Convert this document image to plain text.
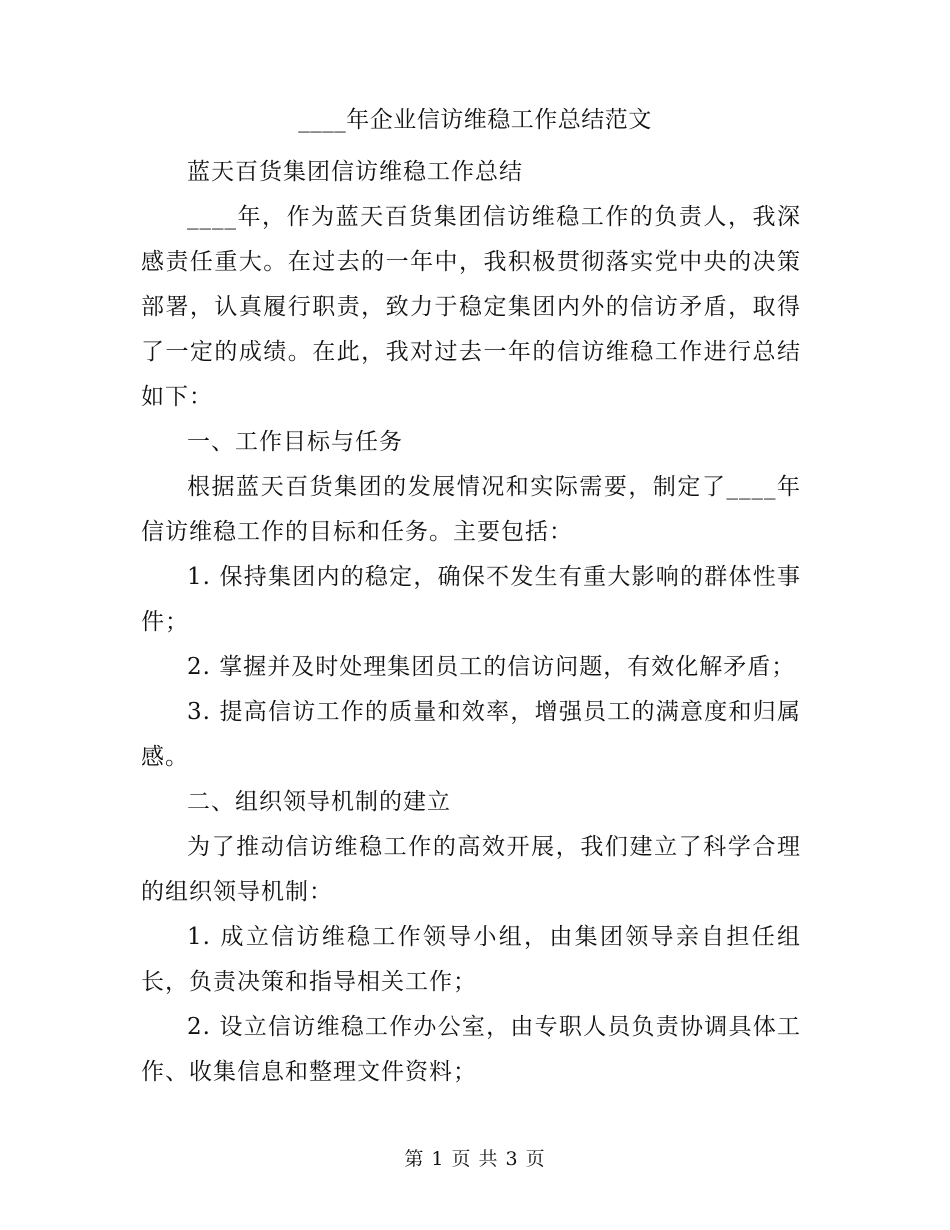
____年企业信访维稳工作总结范文

蓝天百货集团信访维稳工作总结

____年，作为蓝天百货集团信访维稳工作的负责人，我深感责任重大。在过去的一年中，我积极贯彻落实党中央的决策部署，认真履行职责，致力于稳定集团内外的信访矛盾，取得了一定的成绩。在此，我对过去一年的信访维稳工作进行总结如下：

一、工作目标与任务

根据蓝天百货集团的发展情况和实际需要，制定了____年信访维稳工作的目标和任务。主要包括：

1. 保持集团内的稳定，确保不发生有重大影响的群体性事件；

2. 掌握并及时处理集团员工的信访问题，有效化解矛盾；

3. 提高信访工作的质量和效率，增强员工的满意度和归属感。

二、组织领导机制的建立

为了推动信访维稳工作的高效开展，我们建立了科学合理的组织领导机制：

1. 成立信访维稳工作领导小组，由集团领导亲自担任组长，负责决策和指导相关工作；

2. 设立信访维稳工作办公室，由专职人员负责协调具体工作、收集信息和整理文件资料；

第 1 页 共 3 页
